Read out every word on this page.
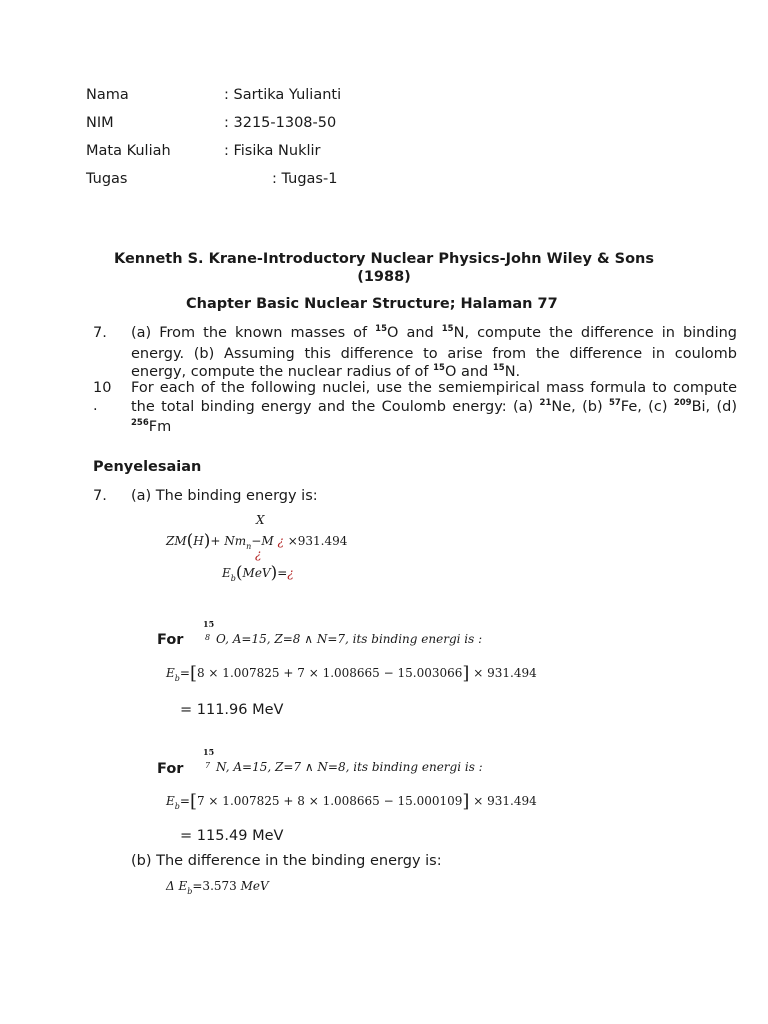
Nama	: Sartika Yulianti
NIM	: 3215-1308-50
Mata Kuliah	: Fisika Nuklir
Tugas	: Tugas-1
Kenneth S. Krane-Introductory Nuclear Physics-John Wiley & Sons
(1988)
Chapter Basic Nuclear Structure; Halaman 77
7. (a) From the known masses of $^{15}$O and $^{15}$N, compute the difference in binding energy. (b) Assuming this difference to arise from the difference in coulomb energy, compute the nuclear radius of of $^{15}$O and $^{15}$N.
10
.
For each of the following nuclei, use the semiempirical mass formula to compute the total binding energy and the Coulomb energy: (a) $^{21}$Ne, (b) $^{57}$Fe, (c) $^{209}$Bi, (d) $^{256}$Fm
Penyelesaian
7. (a) The binding energy is:
X
$ZM(H)+ Nm_n-M$ ¿ ×931.494
¿
$E_b(MeV)=¿$
For
15
8 O, A=15, Z=8 ∧ N=7, its binding energi is :
$E_b=[8 \times 1.007825 + 7 \times 1.008665 - 15.003066] \times 931.494$
= 111.96 MeV
For
15
7 N, A=15, Z=7 ∧ N=8, its binding energi is :
$E_b=[7 \times 1.007825 + 8 \times 1.008665 - 15.000109] \times 931.494$
= 115.49 MeV
(b) The difference in the binding energy is:
Δ $E_b=3.573$ MeV
